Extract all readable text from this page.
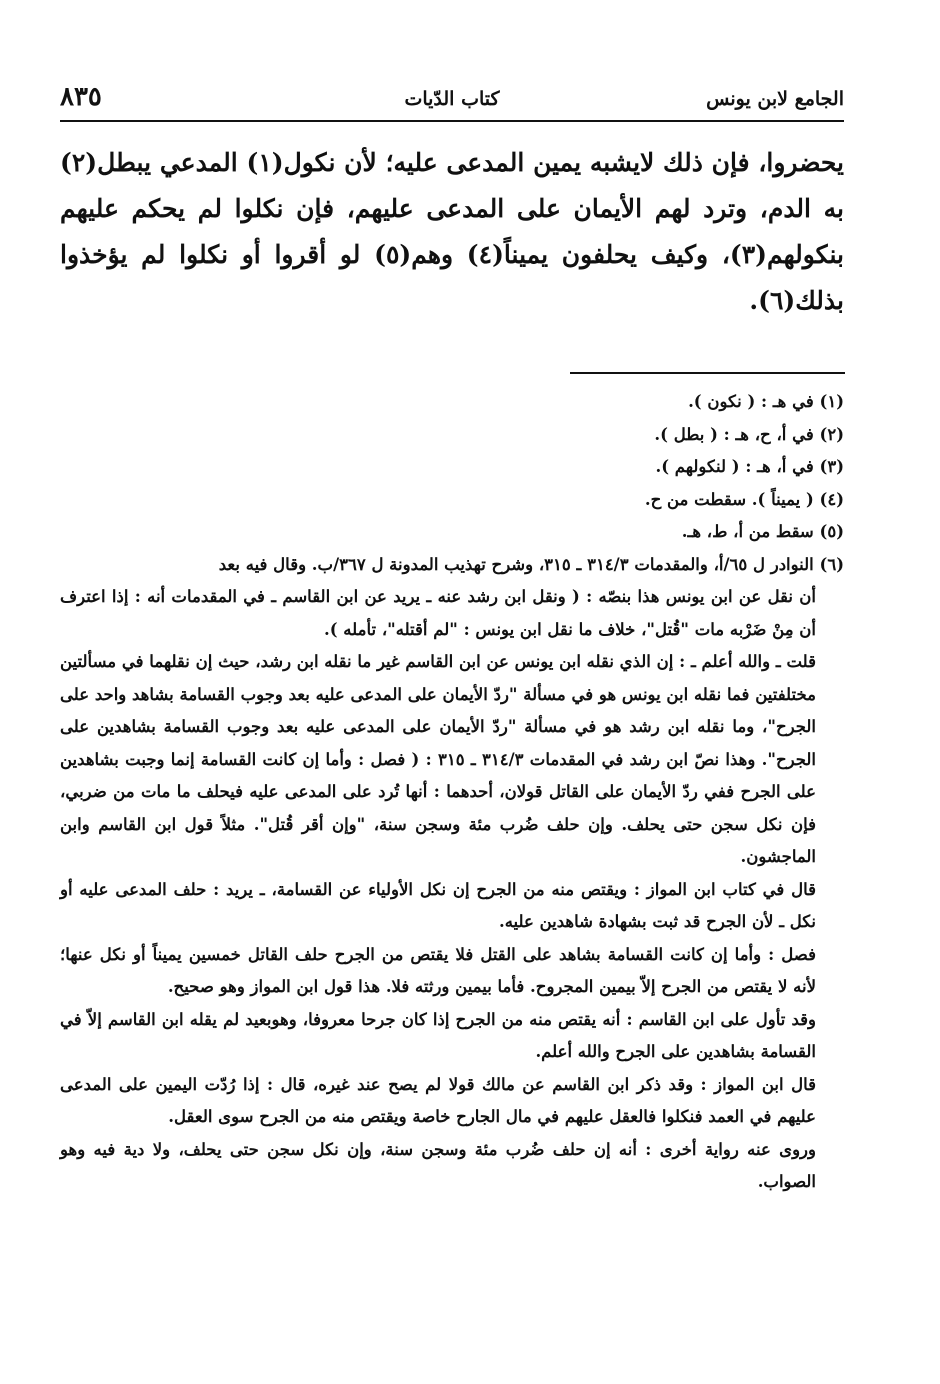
الجامع لابن يونس
كتاب الدّيات
٨٣٥

يحضروا، فإن ذلك لايشبه يمين المدعى عليه؛ لأن نكول(١) المدعي يبطل(٢) به الدم، وترد لهم الأيمان على المدعى عليهم، فإن نكلوا لم يحكم عليهم بنكولهم(٣)، وكيف يحلفون يميناً(٤) وهم(٥) لو أقروا أو نكلوا لم يؤخذوا بذلك(٦).

(١) في هـ : ( نكون ).

(٢) في أ، ح، هـ : ( بطل ).

(٣) في أ، هـ : ( لنكولهم ).

(٤) ( يميناً ). سقطت من ح.

(٥) سقط من أ، ط، هـ.

(٦) النوادر ل ٦٥/أ، والمقدمات ٣١٤/٣ ـ ٣١٥، وشرح تهذيب المدونة ل ٣٦٧/ب. وقال فيه بعد

أن نقل عن ابن يونس هذا بنصّه : ( ونقل ابن رشد عنه ـ يريد عن ابن القاسم ـ في المقدمات أنه : إذا اعترف أن مِنْ ضَرْبه مات "قُتل"، خلاف ما نقل ابن يونس : "لم أقتله"، تأمله ).

قلت ـ والله أعلم ـ : إن الذي نقله ابن يونس عن ابن القاسم غير ما نقله ابن رشد، حيث إن نقلهما في مسألتين مختلفتين فما نقله ابن يونس هو في مسألة "ردّ الأيمان على المدعى عليه بعد وجوب القسامة بشاهد واحد على الجرح"، وما نقله ابن رشد هو في مسألة "ردّ الأيمان على المدعى عليه بعد وجوب القسامة بشاهدين على الجرح". وهذا نصّ ابن رشد في المقدمات ٣١٤/٣ ـ ٣١٥ : ( فصل : وأما إن كانت القسامة إنما وجبت بشاهدين على الجرح ففي ردّ الأيمان على القاتل قولان، أحدهما : أنها تُرد على المدعى عليه فيحلف ما مات من ضربي، فإن نكل سجن حتى يحلف. وإن حلف ضُرب مئة وسجن سنة، "وإن أقر قُتل". مثلاً قول ابن القاسم وابن الماجشون.

قال في كتاب ابن المواز : ويقتص منه من الجرح إن نكل الأولياء عن القسامة، ـ يريد : حلف المدعى عليه أو نكل ـ لأن الجرح قد ثبت بشهادة شاهدين عليه.

فصل : وأما إن كانت القسامة بشاهد على القتل فلا يقتص من الجرح حلف القاتل خمسين يميناً أو نكل عنها؛ لأنه لا يقتص من الجرح إلاّ بيمين المجروح. فأما بيمين ورثته فلا. هذا قول ابن المواز وهو صحيح.

وقد تأول على ابن القاسم : أنه يقتص منه من الجرح إذا كان جرحا معروفا، وهوبعيد لم يقله ابن القاسم إلاّ في القسامة بشاهدين على الجرح والله أعلم.

قال ابن المواز : وقد ذكر ابن القاسم عن مالك قولا لم يصح عند غيره، قال : إذا رُدّت اليمين على المدعى عليهم في العمد فنكلوا فالعقل عليهم في مال الجارح خاصة ويقتص منه من الجرح سوى العقل.

وروى عنه رواية أخرى : أنه إن حلف ضُرب مئة وسجن سنة، وإن نكل سجن حتى يحلف، ولا دية فيه وهو الصواب.
